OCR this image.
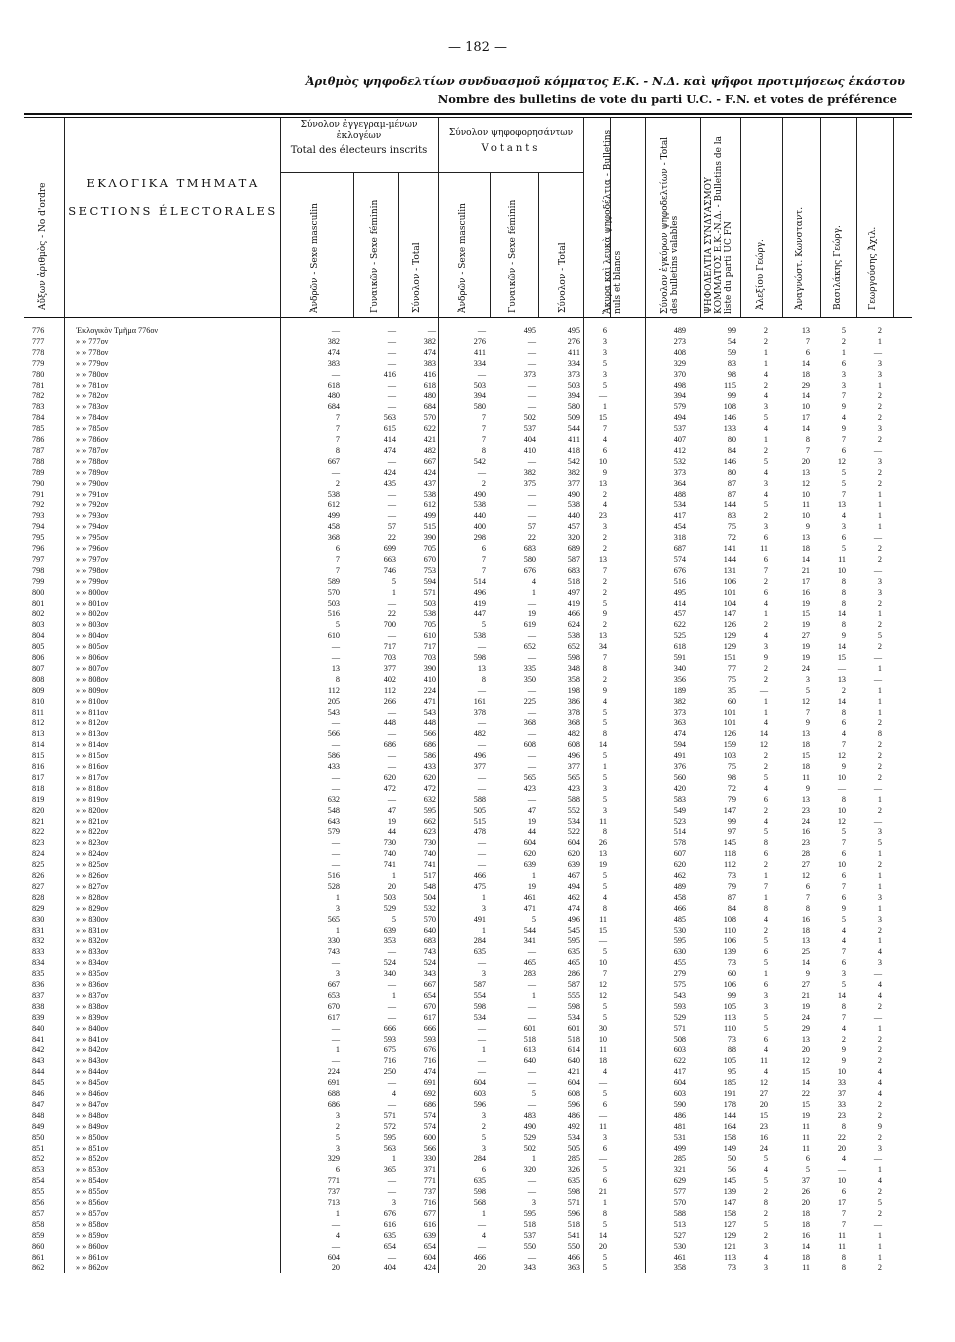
— 182 —
Ἀριθμὸς ψηφοδελτίων συνδυασμοῦ κόμματος Ε.Κ. - Ν.Δ. καὶ ψῆφοι προτιμήσεως ἑκάστου
Nombre des bulletins de vote du parti U.C. - F.N. et votes de préférence
Αὔξων ἀριθμὸς - No d'ordre	ΕΚΛΟΓΙΚΑ ΤΜΗΜΑΤΑ
SECTIONS ÉLECTORALES
Σύνολον ἐγγεγραμ-μένων ἐκλογέων
Total des électeurs inscrits
Σύνολον ψηφοφορησάντων
Votants
Ἀνδρῶν - Sexe masculin	Γυναικῶν - Sexe féminin	Σύνολον - Total	Ἀνδρῶν - Sexe masculin	Γυναικῶν - Sexe féminin	Σύνολον - Total	Ἄκυρα καὶ λευκὰ ψηφοδέλτια - Bulletins nuls et blancs	Σύνολον ἐγκύρων ψηφοδελτίων - Total des bulletins valables	ΨΗΦΟΔΕΛΤΙΑ ΣΥΝΔΥΑΣΜΟΥ ΚΟΜΜΑΤΟΣ Ε.Κ.-Ν.Δ. - Bulletins de la liste du parti UC FN	Ἀλεξίου Γεώργ.	Ἀναγνώστ. Κωνσταντ.	Βασιλάκης Γεώργ.	Γεωργούσης Ἀχιλ.
776	Ἐκλογικὸν Τμῆμα 776ον	—	—	—	—	495	495	6	489	99	2	13	5	2
777	» » 777ον	382	—	382	276	—	276	3	273	54	2	7	2	1
778	» » 778ον	474	—	474	411	—	411	3	408	59	1	6	1	—
779	» » 779ον	383	—	383	334	—	334	5	329	83	1	14	6	3
780	» » 780ον	—	416	416	—	373	373	3	370	98	4	18	3	3
781	» » 781ον	618	—	618	503	—	503	5	498	115	2	29	3	1
782	» » 782ον	480	—	480	394	—	394	—	394	99	4	14	7	2
783	» » 783ον	684	—	684	580	—	580	1	579	108	3	10	9	2
784	» » 784ον	7	563	570	7	502	509	15	494	146	5	17	4	2
785	» » 785ον	7	615	622	7	537	544	7	537	133	4	14	9	3
786	» » 786ον	7	414	421	7	404	411	4	407	80	1	8	7	2
787	» » 787ον	8	474	482	8	410	418	6	412	84	2	7	6	—
788	» » 788ον	667	—	667	542	—	542	10	532	146	5	20	12	3
789	» » 789ον	—	424	424	—	382	382	9	373	80	4	13	5	2
790	» » 790ον	2	435	437	2	375	377	13	364	87	3	12	5	2
791	» » 791ον	538	—	538	490	—	490	2	488	87	4	10	7	1
792	» » 792ον	612	—	612	538	—	538	4	534	144	5	11	13	1
793	» » 793ον	499	—	499	440	—	440	23	417	83	2	10	4	1
794	» » 794ον	458	57	515	400	57	457	3	454	75	3	9	3	1
795	» » 795ον	368	22	390	298	22	320	2	318	72	6	13	6	—
796	» » 796ον	6	699	705	6	683	689	2	687	141	11	18	5	2
797	» » 797ον	7	663	670	7	580	587	13	574	144	6	14	11	2
798	» » 798ον	7	746	753	7	676	683	7	676	131	7	21	10	—
799	» » 799ον	589	5	594	514	4	518	2	516	106	2	17	8	3
800	» » 800ον	570	1	571	496	1	497	2	495	101	6	16	8	3
801	» » 801ον	503	—	503	419	—	419	5	414	104	4	19	8	2
802	» » 802ον	516	22	538	447	19	466	9	457	147	1	15	14	1
803	» » 803ον	5	700	705	5	619	624	2	622	126	2	19	8	2
804	» » 804ον	610	—	610	538	—	538	13	525	129	4	27	9	5
805	» » 805ον	—	717	717	—	652	652	34	618	129	3	19	14	2
806	» » 806ον	—	703	703	598	—	598	7	591	151	9	19	15	—
807	» » 807ον	13	377	390	13	335	348	8	340	77	2	24	—	1
808	» » 808ον	8	402	410	8	350	358	2	356	75	2	3	13	—
809	» » 809ον	112	112	224	—	—	198	9	189	35	—	5	2	1
810	» » 810ον	205	266	471	161	225	386	4	382	60	1	12	14	1
811	» » 811ον	543	—	543	378	—	378	5	373	101	1	7	8	1
812	» » 812ον	—	448	448	—	368	368	5	363	101	4	9	6	2
813	» » 813ον	566	—	566	482	—	482	8	474	126	14	13	4	8
814	» » 814ον	—	686	686	—	608	608	14	594	159	12	18	7	2
815	» » 815ον	586	—	586	496	—	496	5	491	103	2	15	12	2
816	» » 816ον	433	—	433	377	—	377	1	376	75	2	18	9	2
817	» » 817ον	—	620	620	—	565	565	5	560	98	5	11	10	2
818	» » 818ον	—	472	472	—	423	423	3	420	72	4	9	—	—
819	» » 819ον	632	—	632	588	—	588	5	583	79	6	13	8	1
820	» » 820ον	548	47	595	505	47	552	3	549	147	2	23	10	2
821	» » 821ον	643	19	662	515	19	534	11	523	99	4	24	12	—
822	» » 822ον	579	44	623	478	44	522	8	514	97	5	16	5	3
823	» » 823ον	—	730	730	—	604	604	26	578	145	8	23	7	5
824	» » 824ον	—	740	740	—	620	620	13	607	118	6	28	6	1
825	» » 825ον	—	741	741	—	639	639	19	620	112	2	27	10	2
826	» » 826ον	516	1	517	466	1	467	5	462	73	1	12	6	1
827	» » 827ον	528	20	548	475	19	494	5	489	79	7	6	7	1
828	» » 828ον	1	503	504	1	461	462	4	458	87	1	7	6	3
829	» » 829ον	3	529	532	3	471	474	8	466	84	8	8	9	1
830	» » 830ον	565	5	570	491	5	496	11	485	108	4	16	5	3
831	» » 831ον	1	639	640	1	544	545	15	530	110	2	18	4	2
832	» » 832ον	330	353	683	284	341	595	—	595	106	5	13	4	1
833	» » 833ον	743	—	743	635	—	635	5	630	139	6	25	7	4
834	» » 834ον	—	524	524	—	465	465	10	455	73	5	14	6	3
835	» » 835ον	3	340	343	3	283	286	7	279	60	1	9	3	—
836	» » 836ον	667	—	667	587	—	587	12	575	106	6	27	5	4
837	» » 837ον	653	1	654	554	1	555	12	543	99	3	21	14	4
838	» » 838ον	670	—	670	598	—	598	5	593	105	3	19	8	2
839	» » 839ον	617	—	617	534	—	534	5	529	113	5	24	7	—
840	» » 840ον	—	666	666	—	601	601	30	571	110	5	29	4	1
841	» » 841ον	—	593	593	—	518	518	10	508	73	6	13	2	2
842	» » 842ον	1	675	676	1	613	614	11	603	88	4	20	9	2
843	» » 843ον	—	716	716	—	640	640	18	622	105	11	12	9	2
844	» » 844ον	224	250	474	—	—	421	4	417	95	4	15	10	4
845	» » 845ον	691	—	691	604	—	604	—	604	185	12	14	33	4
846	» » 846ον	688	4	692	603	5	608	5	603	191	27	22	37	4
847	» » 847ον	686	—	686	596	—	596	6	590	178	20	15	33	2
848	» » 848ον	3	571	574	3	483	486	—	486	144	15	19	23	2
849	» » 849ον	2	572	574	2	490	492	11	481	164	23	11	8	9
850	» » 850ον	5	595	600	5	529	534	3	531	158	16	11	22	2
851	» » 851ον	3	563	566	3	502	505	6	499	149	24	11	20	3
852	» » 852ον	329	1	330	284	1	285	—	285	50	5	6	4	—
853	» » 853ον	6	365	371	6	320	326	5	321	56	4	5	—	1
854	» » 854ον	771	—	771	635	—	635	6	629	145	5	37	10	4
855	» » 855ον	737	—	737	598	—	598	21	577	139	2	26	6	2
856	» » 856ον	713	3	716	568	3	571	1	570	147	8	20	17	5
857	» » 857ον	1	676	677	1	595	596	8	588	158	2	18	7	2
858	» » 858ον	—	616	616	—	518	518	5	513	127	5	18	7	—
859	» » 859ον	4	635	639	4	537	541	14	527	129	2	16	11	1
860	» » 860ον	—	654	654	—	550	550	20	530	121	3	14	11	1
861	» » 861ον	604	—	604	466	—	466	5	461	113	4	18	8	1
862	» » 862ον	20	404	424	20	343	363	5	358	73	3	11	8	2
